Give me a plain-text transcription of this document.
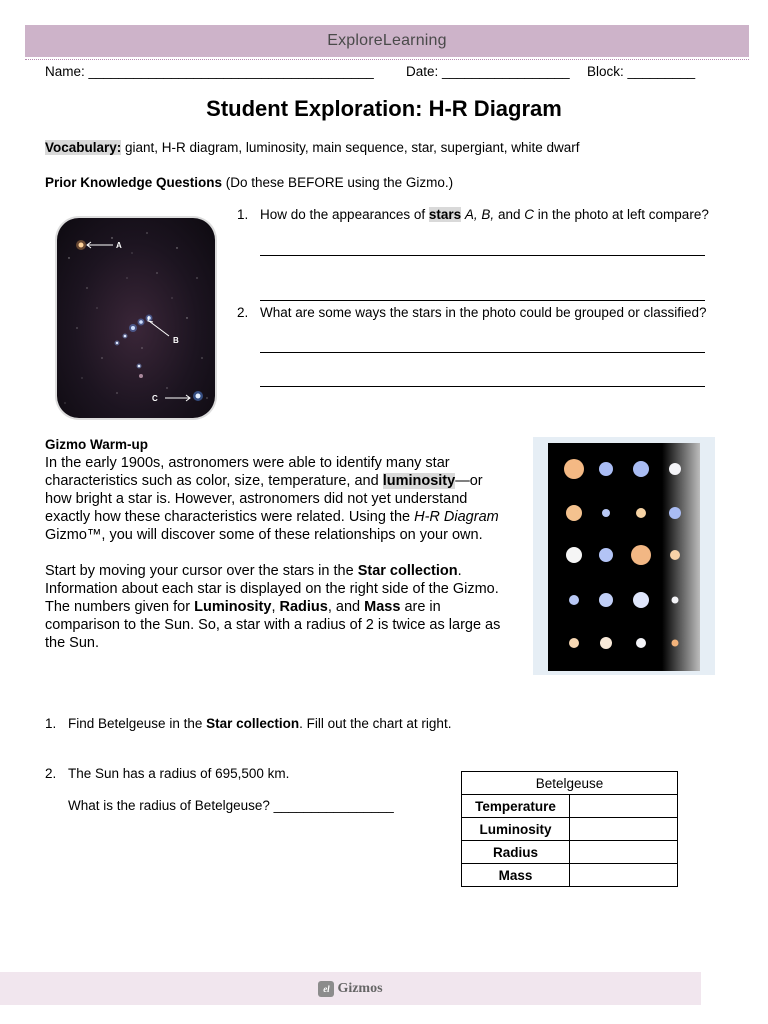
ExploreLearning

Name: ______________________________________

Date: _________________

Block: _________

Student Exploration: H-R Diagram
Vocabulary: giant, H-R diagram, luminosity, main sequence, star, supergiant, white dwarf
Prior Knowledge Questions (Do these BEFORE using the Gizmo.)
A
B
C
1. How do the appearances of stars A, B, and C in the photo at left compare?
2. What are some ways the stars in the photo could be grouped or classified?
Gizmo Warm-up
In the early 1900s, astronomers were able to identify many star characteristics such as color, size, temperature, and luminosity—or how bright a star is. However, astronomers did not yet understand exactly how these characteristics were related. Using the H-R Diagram Gizmo™, you will discover some of these relationships on your own.
Start by moving your cursor over the stars in the Star collection. Information about each star is displayed on the right side of the Gizmo. The numbers given for Luminosity, Radius, and Mass are in comparison to the Sun. So, a star with a radius of 2 is twice as large as the Sun.
1. Find Betelgeuse in the Star collection. Fill out the chart at right.
2. The Sun has a radius of 695,500 km.
What is the radius of Betelgeuse? ________________
Betelgeuse	
Temperature	
Luminosity	
Radius	
Mass	
el Gizmos
